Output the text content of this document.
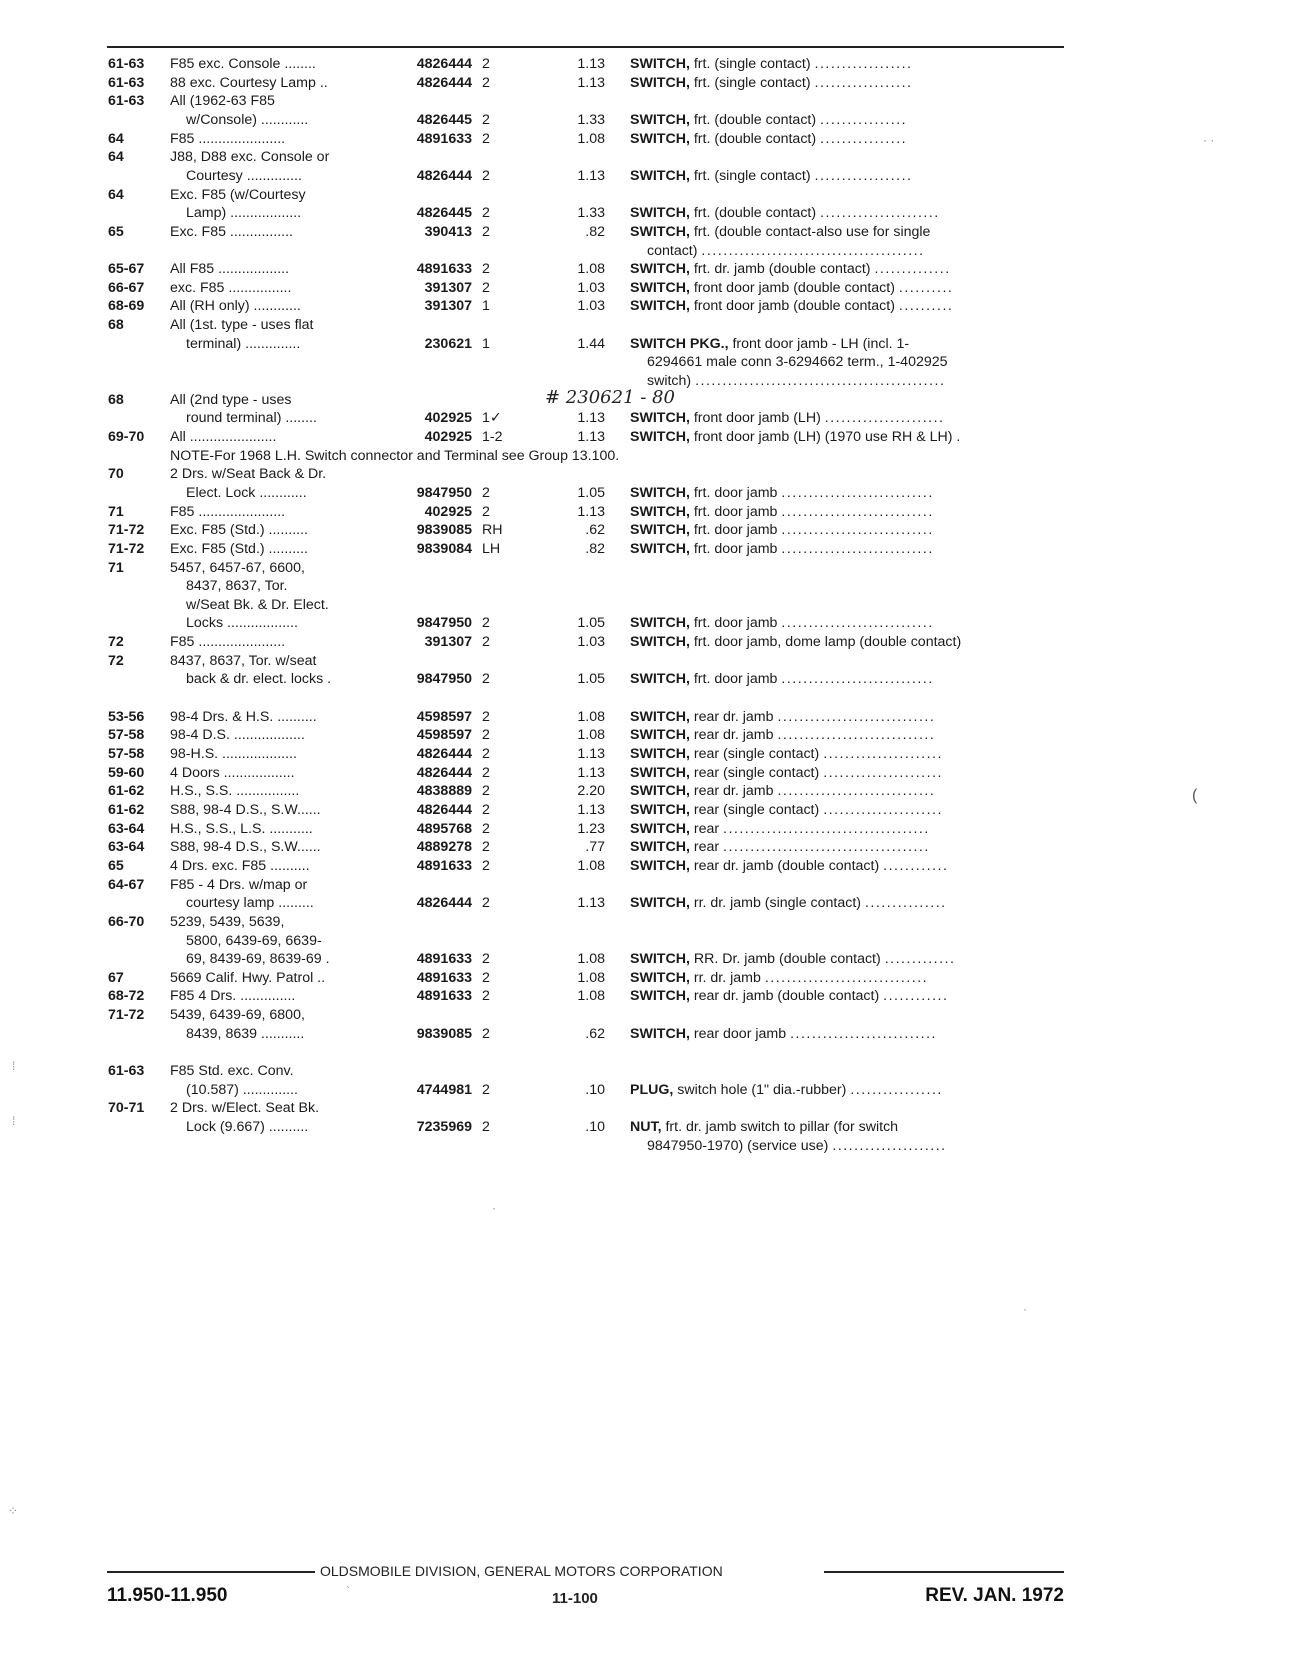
61-63 F85 exc. Console ........	4826444 2	1.13 SWITCH, frt. (single contact) ..................
61-63 88 exc. Courtesy Lamp ..	4826444 2	1.13 SWITCH, frt. (single contact) ..................
61-63 All (1962-63 F85
w/Console) ............	4826445 2	1.33 SWITCH, frt. (double contact) ................
64	F85 ......................	4891633 2	1.08 SWITCH, frt. (double contact) ................
64	J88, D88 exc. Console or
Courtesy ..............	4826444 2	1.13 SWITCH, frt. (single contact) ..................
64	Exc. F85 (w/Courtesy
Lamp) ..................	4826445 2	1.33 SWITCH, frt. (double contact) ......................
65	Exc. F85 ................	390413 2	.82 SWITCH, frt. (double contact-also use for single
contact) .........................................
65-67 All F85 ..................	4891633 2	1.08 SWITCH, frt. dr. jamb (double contact) ..............
66-67 exc. F85 ................	391307 2	1.03 SWITCH, front door jamb (double contact) ..........
68-69 All (RH only) ............	391307 1	1.03 SWITCH, front door jamb (double contact) ..........
68	All (1st. type - uses flat
terminal) ..............	230621 1	1.44 SWITCH PKG., front door jamb - LH (incl. 1-
6294661 male conn 3-6294662 term., 1-402925
switch) ..............................................
68	All (2nd type - uses
round terminal) ........	402925 1✓	1.13 SWITCH, front door jamb (LH) ......................
69-70 All ......................	402925 1-2	1.13 SWITCH, front door jamb (LH) (1970 use RH & LH) .
NOTE-For 1968 L.H. Switch connector and Terminal see Group 13.100.
70	2 Drs. w/Seat Back & Dr.
Elect. Lock ............	9847950 2	1.05 SWITCH, frt. door jamb ............................
71	F85 ......................	402925 2	1.13 SWITCH, frt. door jamb ............................
71-72 Exc. F85 (Std.) ..........	9839085 RH	.62 SWITCH, frt. door jamb ............................
71-72 Exc. F85 (Std.) ..........	9839084 LH	.82 SWITCH, frt. door jamb ............................
71	5457, 6457-67, 6600,
8437, 8637, Tor.
w/Seat Bk. & Dr. Elect.
Locks ..................	9847950 2	1.05 SWITCH, frt. door jamb ............................
72	F85 ......................	391307 2	1.03 SWITCH, frt. door jamb, dome lamp (double contact)
72	8437, 8637, Tor. w/seat
back & dr. elect. locks .	9847950 2	1.05 SWITCH, frt. door jamb ............................
53-56 98-4 Drs. & H.S. ..........	4598597 2	1.08 SWITCH, rear dr. jamb .............................
57-58 98-4 D.S. ..................	4598597 2	1.08 SWITCH, rear dr. jamb .............................
57-58 98-H.S. ...................	4826444 2	1.13 SWITCH, rear (single contact) ......................
59-60 4 Doors ..................	4826444 2	1.13 SWITCH, rear (single contact) ......................
61-62 H.S., S.S. ................	4838889 2	2.20 SWITCH, rear dr. jamb .............................
61-62 S88, 98-4 D.S., S.W......	4826444 2	1.13 SWITCH, rear (single contact) ......................
63-64 H.S., S.S., L.S. ...........	4895768 2	1.23 SWITCH, rear ......................................
63-64 S88, 98-4 D.S., S.W......	4889278 2	.77 SWITCH, rear ......................................
65	4 Drs. exc. F85 ..........	4891633 2	1.08 SWITCH, rear dr. jamb (double contact) ............
64-67 F85 - 4 Drs. w/map or
courtesy lamp .........	4826444 2	1.13 SWITCH, rr. dr. jamb (single contact) ...............
66-70 5239, 5439, 5639,
5800, 6439-69, 6639-
69, 8439-69, 8639-69 .	4891633 2	1.08 SWITCH, RR. Dr. jamb (double contact) .............
67	5669 Calif. Hwy. Patrol ..	4891633 2	1.08 SWITCH, rr. dr. jamb ..............................
68-72 F85 4 Drs. ..............	4891633 2	1.08 SWITCH, rear dr. jamb (double contact) ............
71-72 5439, 6439-69, 6800,
8439, 8639 ...........	9839085 2	.62 SWITCH, rear door jamb ...........................
61-63 F85 Std. exc. Conv.
(10.587) ..............	4744981 2	.10 PLUG, switch hole (1" dia.-rubber) .................
70-71 2 Drs. w/Elect. Seat Bk.
Lock (9.667) ..........	7235969 2	.10 NUT, frt. dr. jamb switch to pillar (for switch
9847950-1970) (service use) .....................
# 230621 - 80
OLDSMOBILE DIVISION, GENERAL MOTORS CORPORATION
11.950-11.950	11-100	REV. JAN. 1972
· ·
(
⁞
⁞
⁘
·
·
`
